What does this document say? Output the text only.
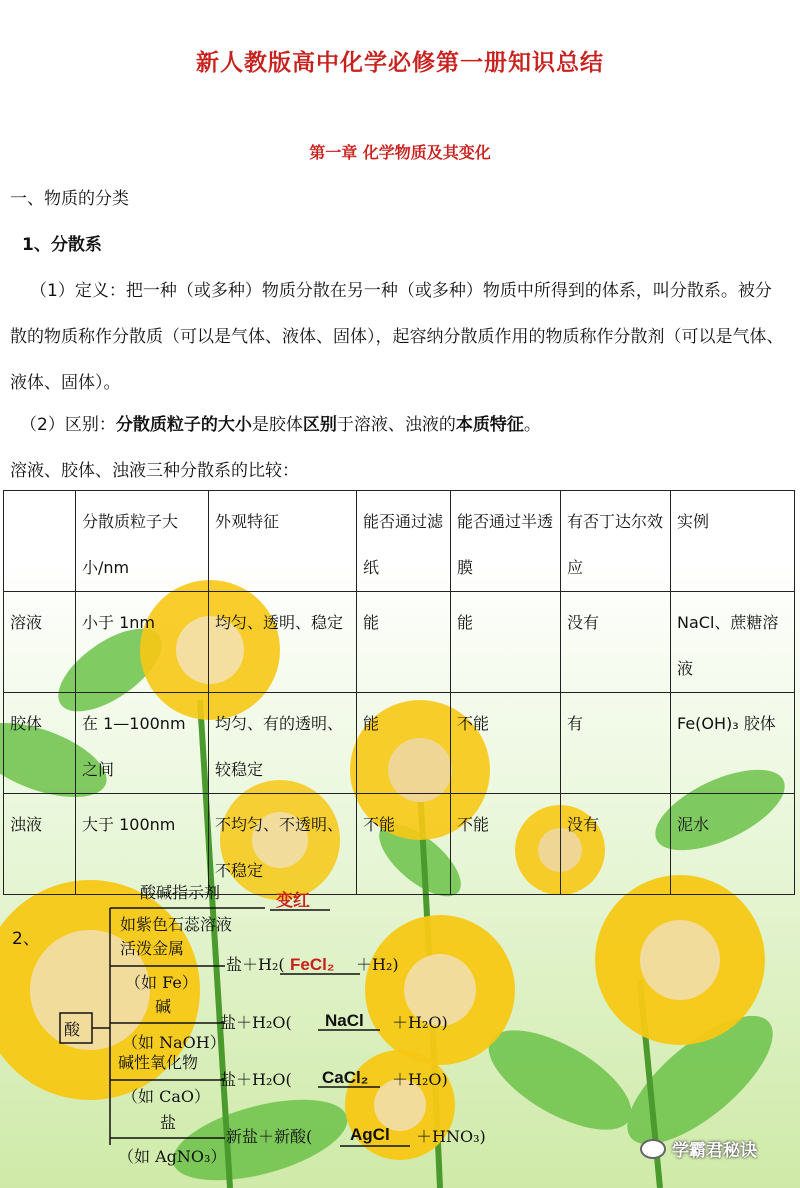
新人教版高中化学必修第一册知识总结
第一章 化学物质及其变化
一、物质的分类
1、分散系
（1）定义：把一种（或多种）物质分散在另一种（或多种）物质中所得到的体系，叫分散系。被分散的物质称作分散质（可以是气体、液体、固体），起容纳分散质作用的物质称作分散剂（可以是气体、液体、固体）。
（2）区别：分散质粒子的大小是胶体区别于溶液、浊液的本质特征。
溶液、胶体、浊液三种分散系的比较：
	分散质粒子大小/nm	外观特征	能否通过滤纸	能否通过半透膜	有否丁达尔效应	实例
溶液	小于 1nm	均匀、透明、稳定	能	能	没有	NaCl、蔗糖溶液
胶体	在 1—100nm 之间	均匀、有的透明、较稳定	能	不能	有	Fe(OH)₃ 胶体
浊液	大于 100nm	不均匀、不透明、不稳定	不能	不能	没有	泥水
2、
酸
酸碱指示剂
如紫色石蕊溶液
变红
活泼金属
（如 Fe）
盐＋H₂( FeCl₂ ＋H₂)
碱
（如 NaOH）
盐＋H₂O( NaCl ＋H₂O)
碱性氧化物
（如 CaO）
盐＋H₂O( CaCl₂ ＋H₂O)
盐
（如 AgNO₃）
新盐＋新酸( AgCl ＋HNO₃)
学霸君秘诀
